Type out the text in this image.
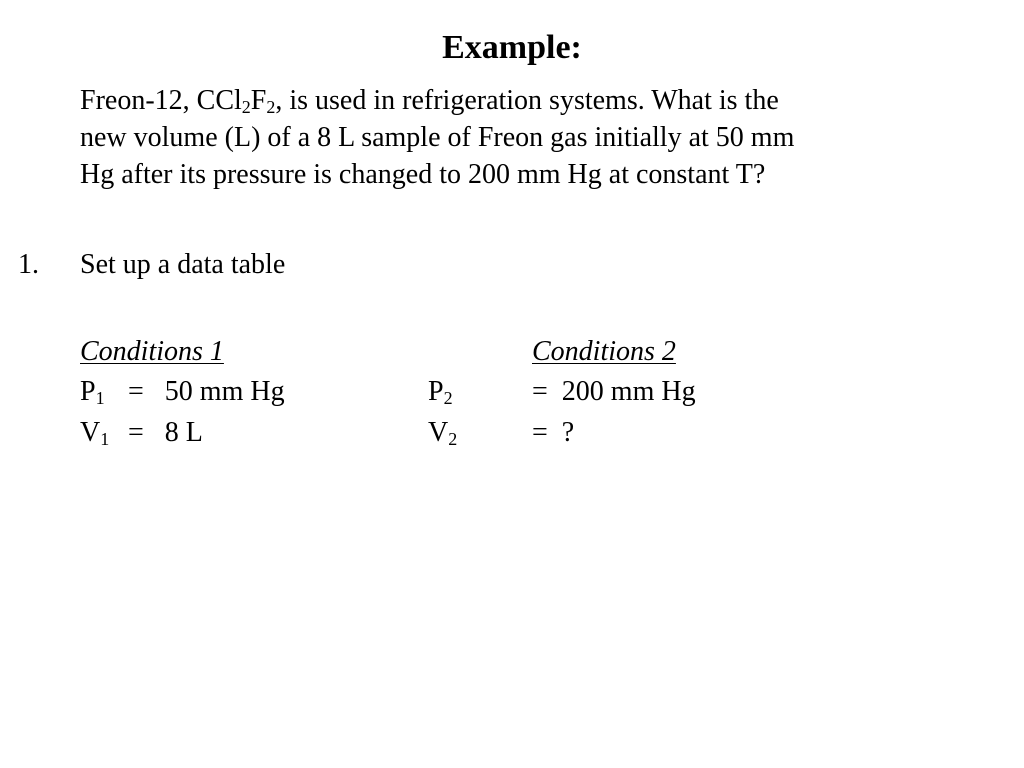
Example:
Freon-12, $CCl_2F_2$, is used in refrigeration systems. What is the
new volume (L) of a 8 L sample of Freon gas initially at 50 mm
Hg after its pressure is changed to 200 mm Hg at constant T?
1. Set up a data table
Conditions 1	Conditions 2
$P_1 = 50$ mm Hg	$P_2$	=  200 mm Hg
$V_1 = 8$ L	$V_2$	=  ?
